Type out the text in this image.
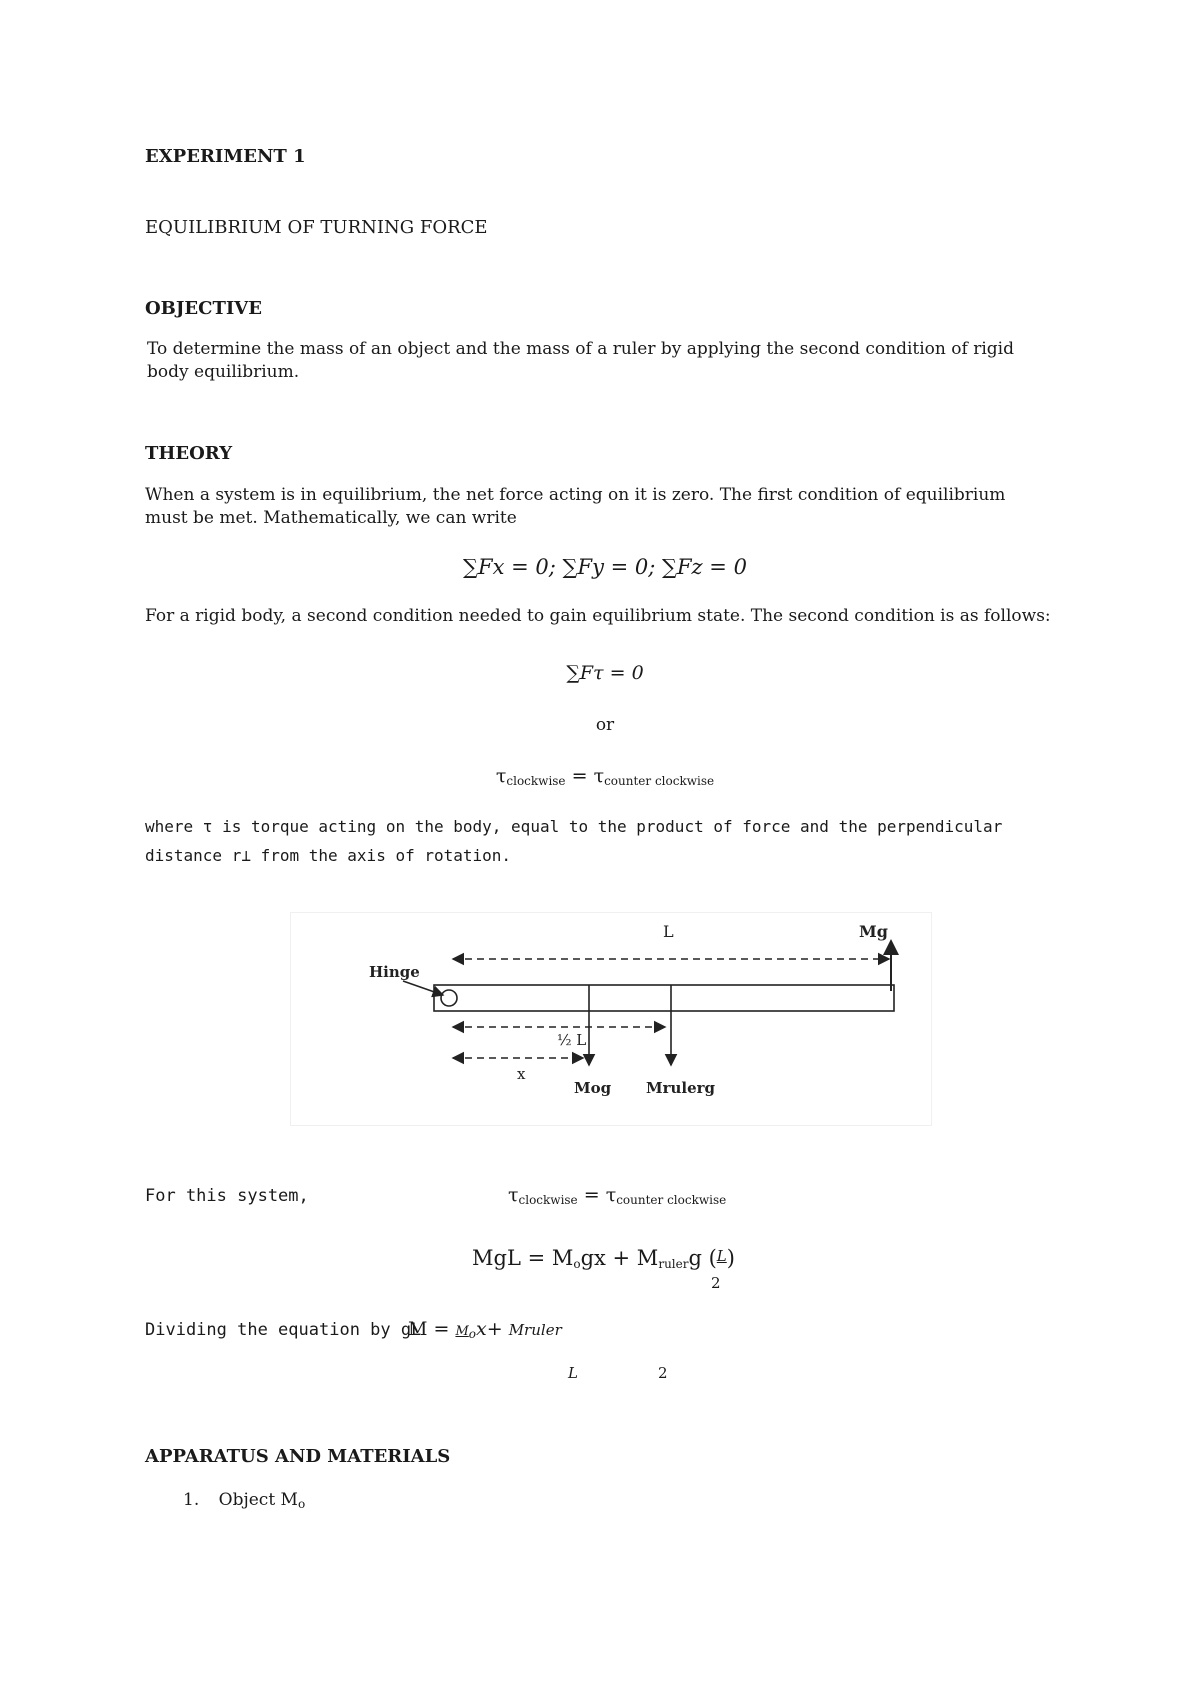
EXPERIMENT 1
EQUILIBRIUM OF TURNING FORCE
OBJECTIVE
To determine the mass of an object and the mass of a ruler by applying the second condition of rigid body equilibrium.
THEORY
When a system is in equilibrium, the net force acting on it is zero. The first condition of equilibrium must be met. Mathematically, we can write
∑Fx = 0; ∑Fy = 0; ∑Fz = 0
For a rigid body, a second condition needed to gain equilibrium state. The second condition is as follows:
∑Fτ = 0
or
$\tau_{clockwise} = \tau_{counter clockwise}$
where τ is torque acting on the body, equal to the product of force and the perpendicular distance r⊥ from the axis of rotation.
L	Mg
Hinge
½ L
x
Mog Mrulerg
For this system,	$\tau_{clockwise} = \tau_{counter clockwise}$
MgL = $M_ogx + M_{ruler}g$ (L)
2
Dividing the equation by gL
$M = M_ox+$ Mruler
L	2
APPARATUS AND MATERIALS
1. Object $M_o$
